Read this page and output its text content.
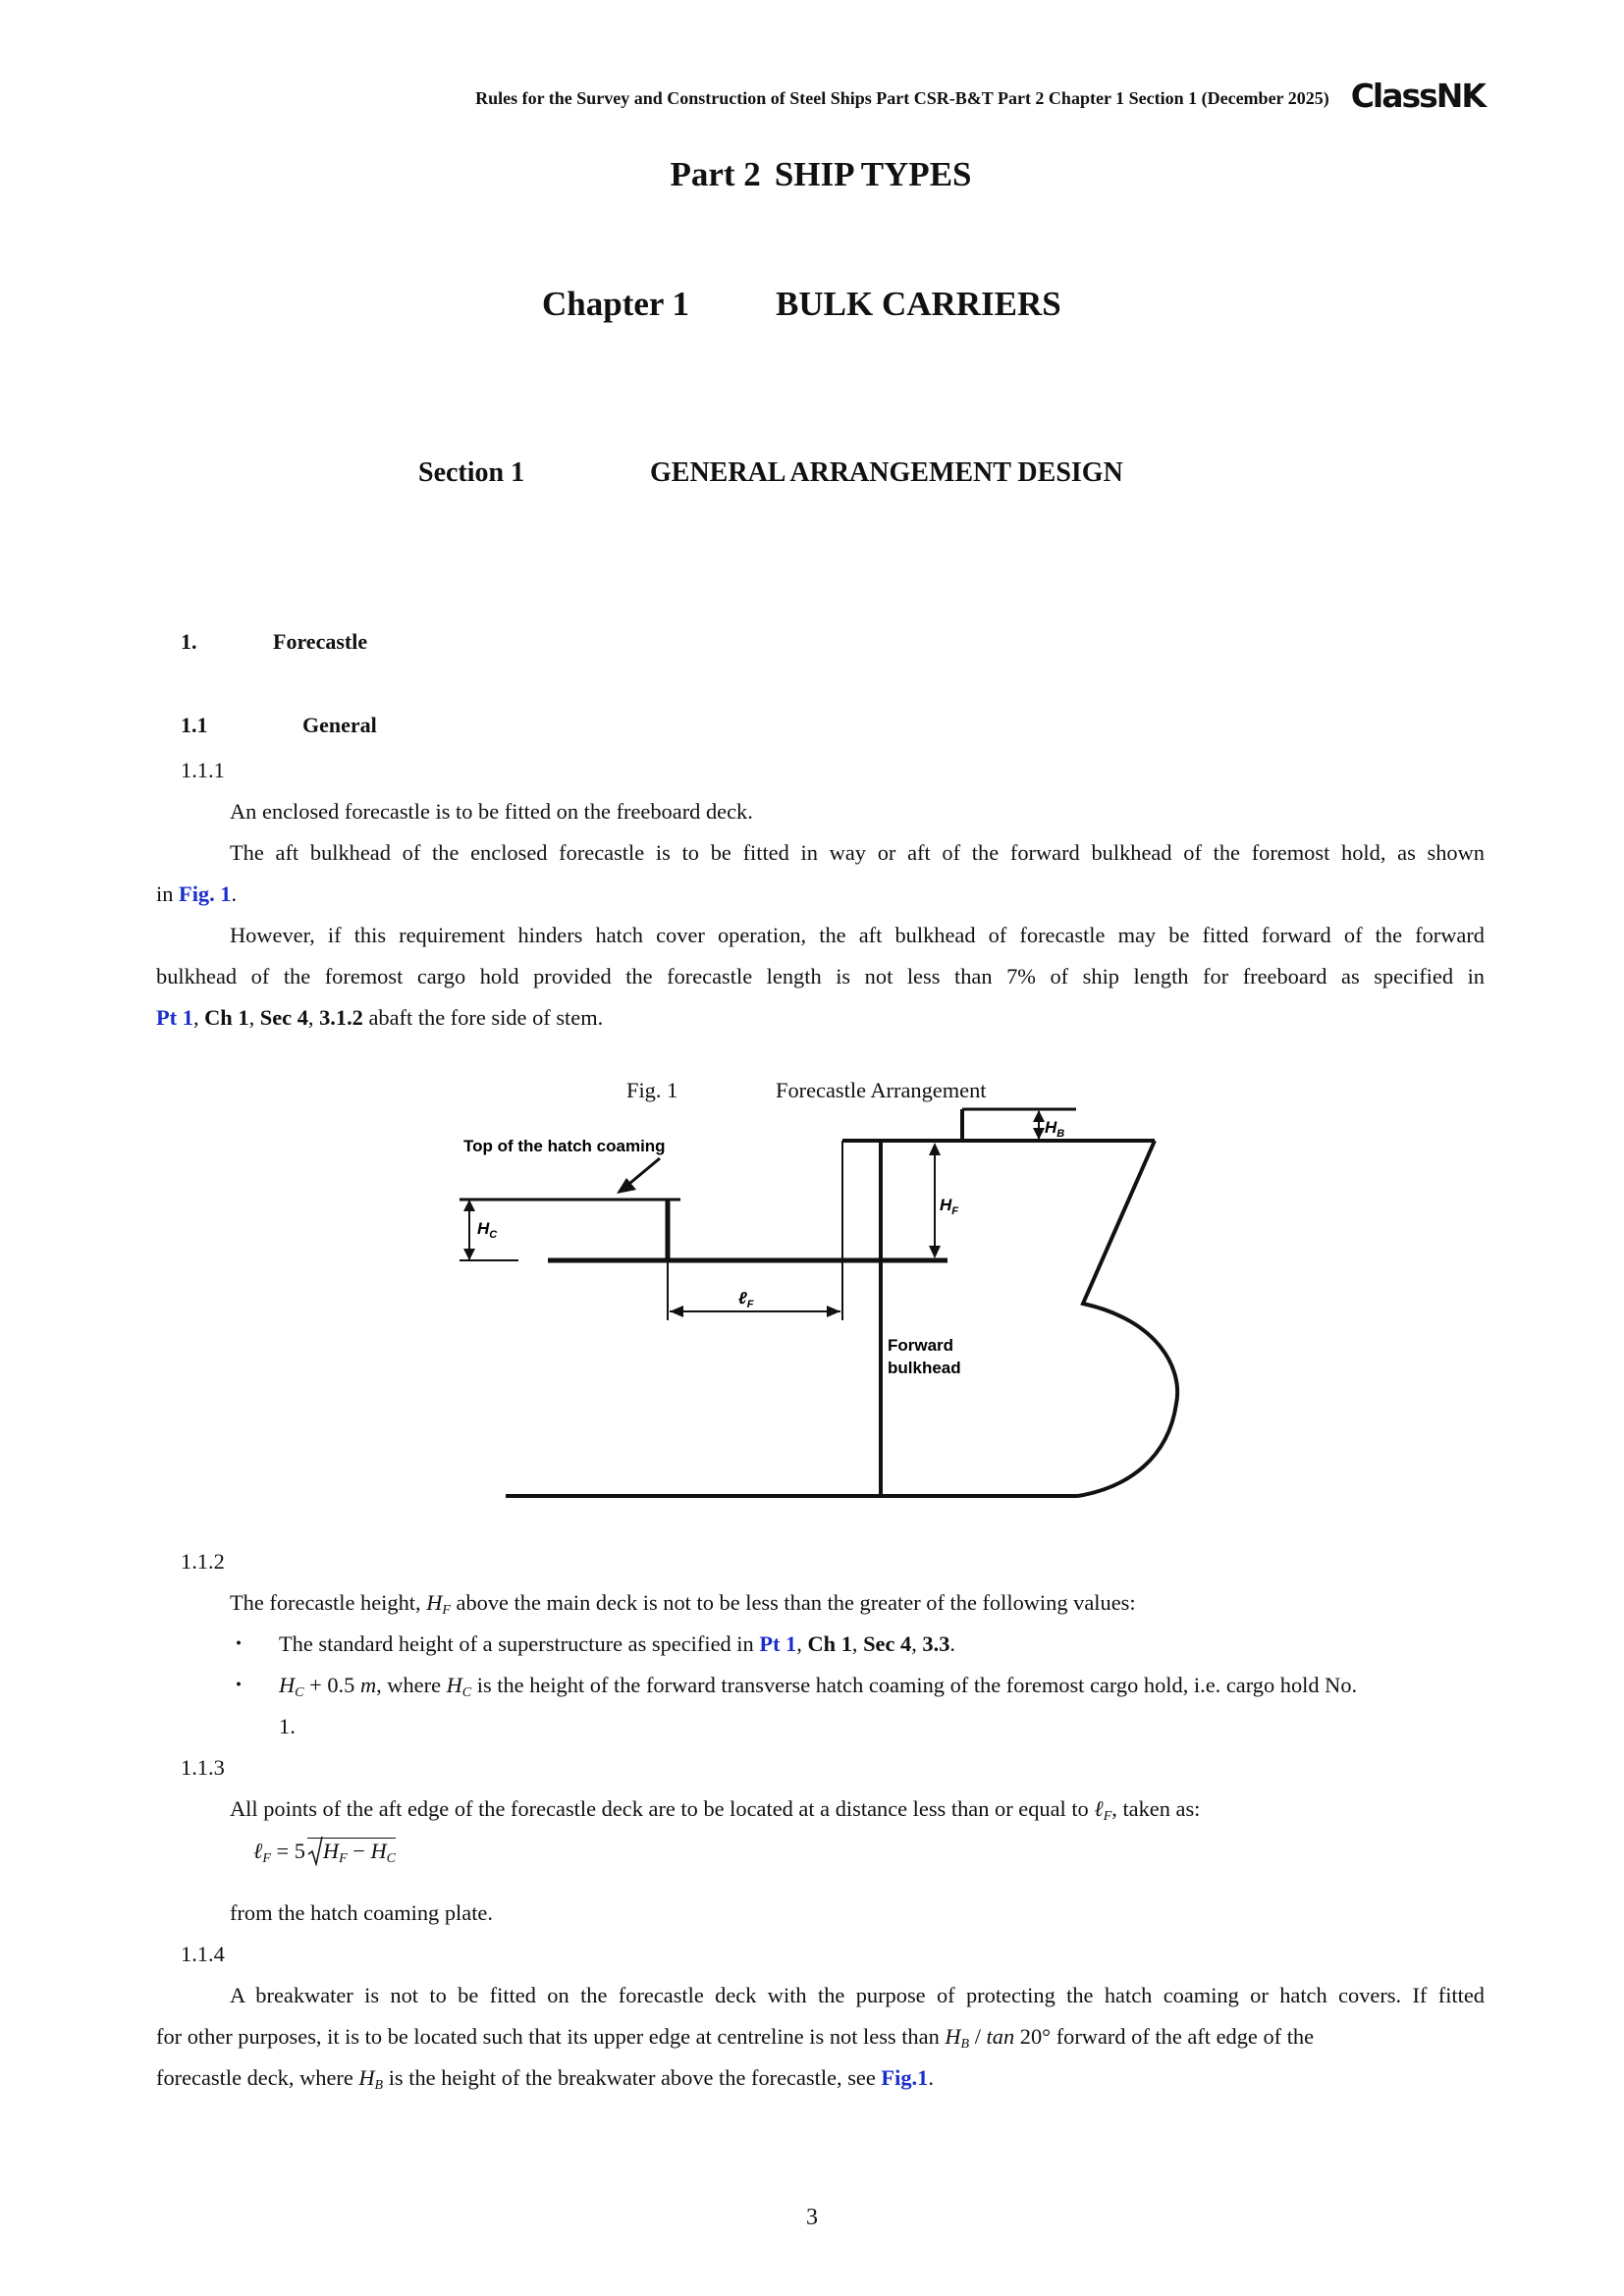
Rules for the Survey and Construction of Steel Ships Part CSR-B&T Part 2 Chapter 1 Section 1 (December 2025) ClassNK
Part 2 SHIP TYPES
Chapter 1	BULK CARRIERS
Section 1	GENERAL ARRANGEMENT DESIGN
1.	Forecastle
1.1	General
1.1.1
An enclosed forecastle is to be fitted on the freeboard deck.
The aft bulkhead of the enclosed forecastle is to be fitted in way or aft of the forward bulkhead of the foremost hold, as shown
in Fig. 1.
However, if this requirement hinders hatch cover operation, the aft bulkhead of forecastle may be fitted forward of the forward
bulkhead of the foremost cargo hold provided the forecastle length is not less than 7% of ship length for freeboard as specified in
Pt 1, Ch 1, Sec 4, 3.1.2 abaft the fore side of stem.
Fig. 1	Forecastle Arrangement
Top of the hatch coaming
$H_C$
$H_F$
$H_B$
ℓ$_F$
Forward
bulkhead
1.1.2
The forecastle height, $H_F$ above the main deck is not to be less than the greater of the following values:
・ The standard height of a superstructure as specified in Pt 1, Ch 1, Sec 4, 3.3.
・ $H_C + 0.5$ m, where $H_C$ is the height of the forward transverse hatch coaming of the foremost cargo hold, i.e. cargo hold No.
1.
1.1.3
All points of the aft edge of the forecastle deck are to be located at a distance less than or equal to ℓ$_F$, taken as:
ℓ$_F$ = 5 $H_F - H_C$
from the hatch coaming plate.
1.1.4
A breakwater is not to be fitted on the forecastle deck with the purpose of protecting the hatch coaming or hatch covers. If fitted
for other purposes, it is to be located such that its upper edge at centreline is not less than $H_B$ / tan 20° forward of the aft edge of the
forecastle deck, where $H_B$ is the height of the breakwater above the forecastle, see Fig.1.
3
